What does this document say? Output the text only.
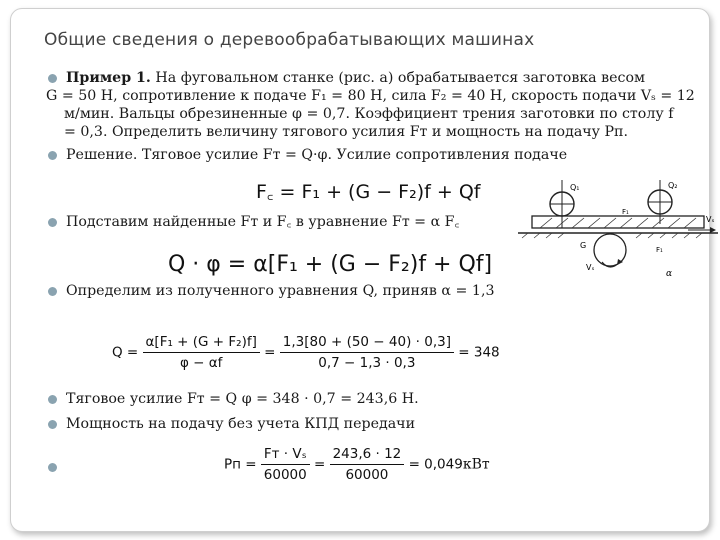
Общие сведения о деревообрабатывающих машинах
Пример 1. На фуговальном станке (рис. а) обрабатывается заготовка весом
G = 50 Н, сопротивление к подаче F₁ = 80 Н, сила F₂ = 40 Н, скорость подачи Vₛ = 12
м/мин. Вальцы обрезиненные φ = 0,7. Коэффициент трения заготовки по столу f
= 0,3. Определить величину тягового усилия Fт и мощность на подачу Pп.
Решение. Тяговое усилие Fт = Q·φ. Усилие сопротивления подаче
F꜀ = F₁ + (G − F₂)f + Qf
Подставим найденные Fт и F꜀ в уравнение Fт = α F꜀
Q · φ = α[F₁ + (G − F₂)f + Qf]
Определим из полученного уравнения Q, приняв α = 1,3
$Q = \frac{\text{α[F₁ + (G + F₂)f]}}{\varphi - \alpha f} = \frac{1,3[80 + (50 - 40) \cdot 0,3]}{0,7 - 1,3 \cdot 0,3} = 348$
Тяговое усилие Fт = Q φ = 348 · 0,7 = 243,6 Н.
Мощность на подачу без учета КПД передачи
Pп = $\frac{\text{Fт · Vₛ}}{60000} = \frac{243,6 \cdot 12}{60000} = 0,049кВт$
Q₁	Q₂
F₁
Vₛ
G	F₁
Vₛ
α
